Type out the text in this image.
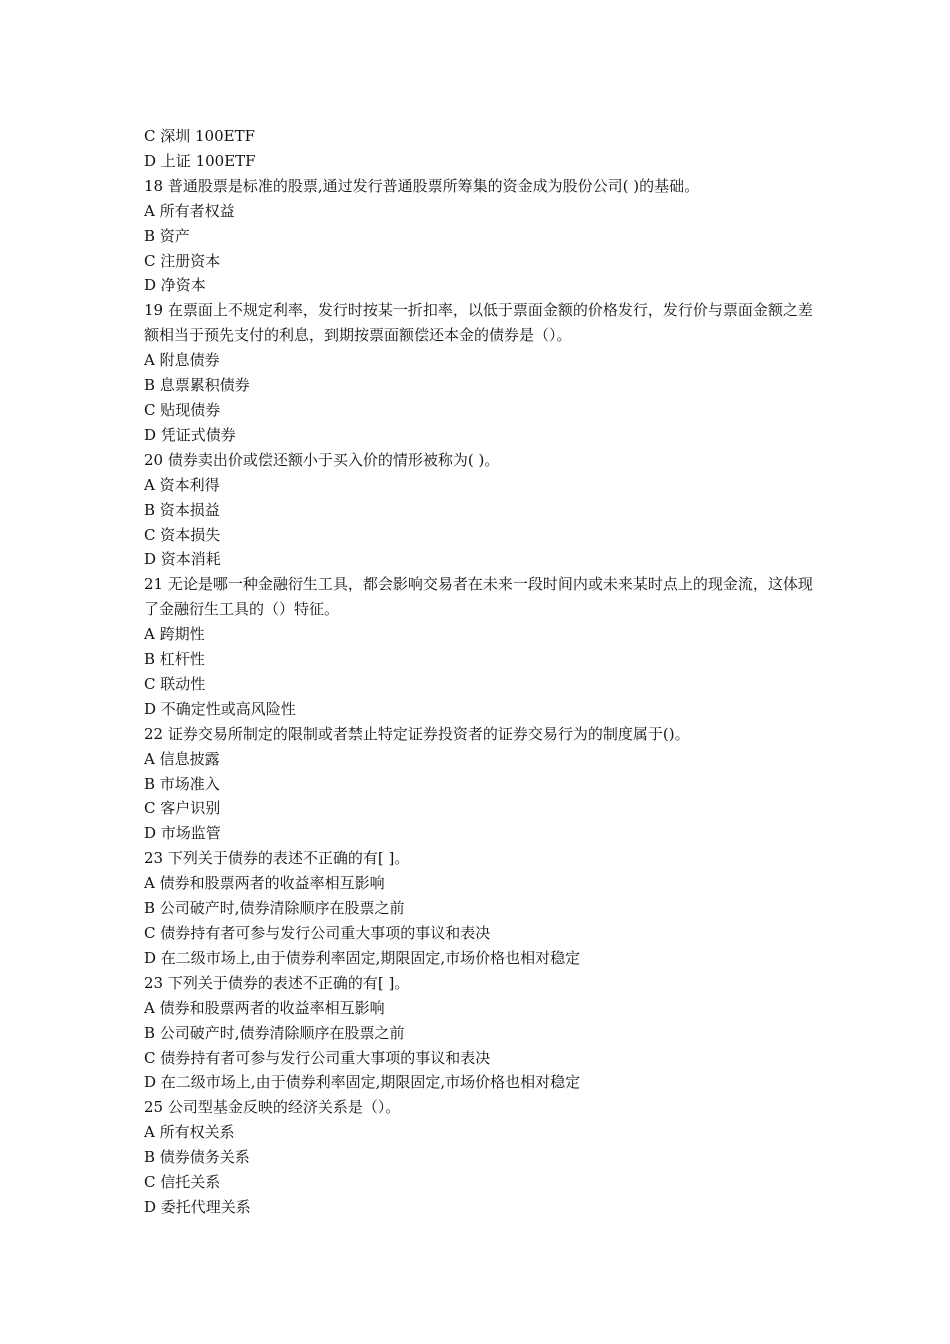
C 深圳 100ETF
D 上证 100ETF
18 普通股票是标准的股票,通过发行普通股票所筹集的资金成为股份公司( )的基础。
A 所有者权益
B 资产
C 注册资本
D 净资本
19 在票面上不规定利率，发行时按某一折扣率，以低于票面金额的价格发行，发行价与票面金额之差额相当于预先支付的利息，到期按票面额偿还本金的债券是（）。
A 附息债券
B 息票累积债券
C 贴现债券
D 凭证式债券
20 债券卖出价或偿还额小于买入价的情形被称为( )。
A 资本利得
B 资本损益
C 资本损失
D 资本消耗
21 无论是哪一种金融衍生工具，都会影响交易者在未来一段时间内或未来某时点上的现金流，这体现了金融衍生工具的（）特征。
A 跨期性
B 杠杆性
C 联动性
D 不确定性或高风险性
22 证券交易所制定的限制或者禁止特定证券投资者的证券交易行为的制度属于()。
A 信息披露
B 市场准入
C 客户识别
D 市场监管
23 下列关于债券的表述不正确的有[ ]。
A 债券和股票两者的收益率相互影响
B 公司破产时,债券清除顺序在股票之前
C 债券持有者可参与发行公司重大事项的事议和表决
D 在二级市场上,由于债券利率固定,期限固定,市场价格也相对稳定
23 下列关于债券的表述不正确的有[ ]。
A 债券和股票两者的收益率相互影响
B 公司破产时,债券清除顺序在股票之前
C 债券持有者可参与发行公司重大事项的事议和表决
D 在二级市场上,由于债券利率固定,期限固定,市场价格也相对稳定
25 公司型基金反映的经济关系是（）。
A 所有权关系
B 债券债务关系
C 信托关系
D 委托代理关系
